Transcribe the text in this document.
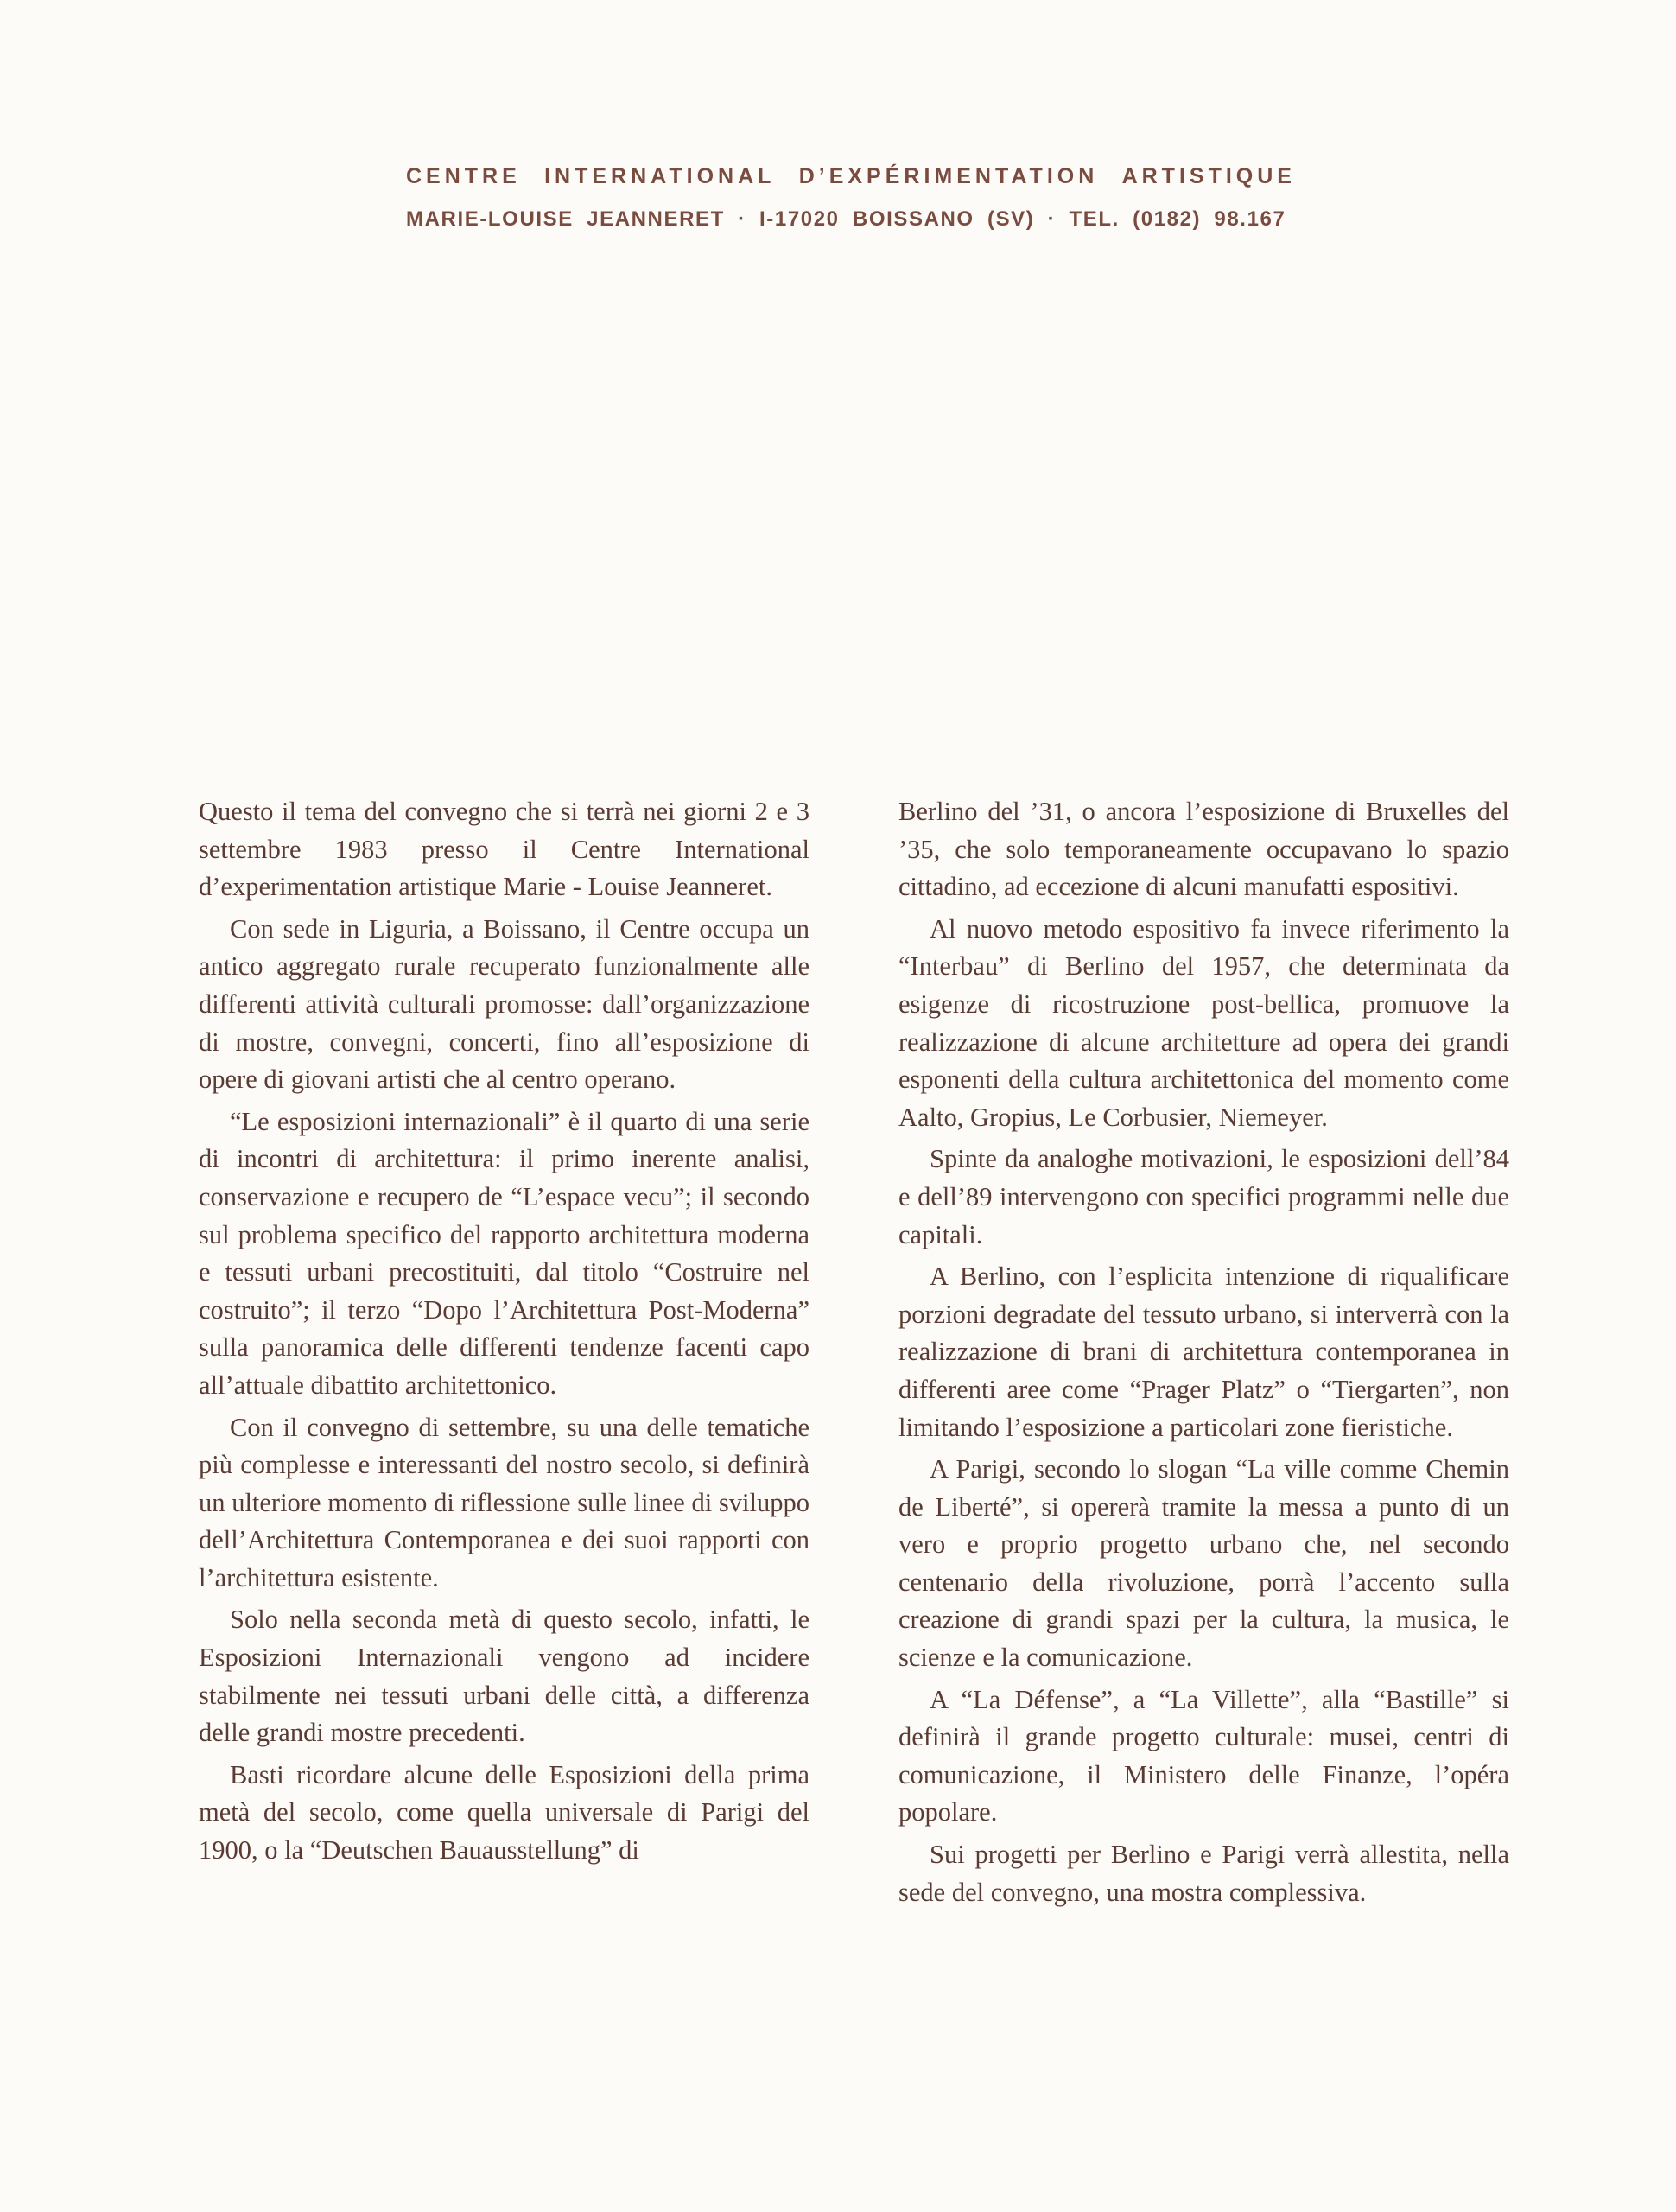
CENTRE INTERNATIONAL D’EXPÉRIMENTATION ARTISTIQUE
MARIE-LOUISE JEANNERET · I-17020 BOISSANO (SV) · TEL. (0182) 98.167

Questo il tema del convegno che si terrà nei giorni 2 e 3 settembre 1983 presso il Centre International d’experimentation artistique Marie - Louise Jeanneret.

Con sede in Liguria, a Boissano, il Centre occupa un antico aggregato rurale recuperato funzionalmente alle differenti attività culturali promosse: dall’organizzazione di mostre, convegni, concerti, fino all’esposizione di opere di giovani artisti che al centro operano.

“Le esposizioni internazionali” è il quarto di una serie di incontri di architettura: il primo inerente analisi, conservazione e recupero de “L’espace vecu”; il secondo sul problema specifico del rapporto architettura moderna e tessuti urbani precostituiti, dal titolo “Costruire nel costruito”; il terzo “Dopo l’Architettura Post-Moderna” sulla panoramica delle differenti tendenze facenti capo all’attuale dibattito architettonico.

Con il convegno di settembre, su una delle tematiche più complesse e interessanti del nostro secolo, si definirà un ulteriore momento di riflessione sulle linee di sviluppo dell’Architettura Contemporanea e dei suoi rapporti con l’architettura esistente.

Solo nella seconda metà di questo secolo, infatti, le Esposizioni Internazionali vengono ad incidere stabilmente nei tessuti urbani delle città, a differenza delle grandi mostre precedenti.

Basti ricordare alcune delle Esposizioni della prima metà del secolo, come quella universale di Parigi del 1900, o la “Deutschen Bauausstellung” di

Berlino del ’31, o ancora l’esposizione di Bruxelles del ’35, che solo temporaneamente occupavano lo spazio cittadino, ad eccezione di alcuni manufatti espositivi.

Al nuovo metodo espositivo fa invece riferimento la “Interbau” di Berlino del 1957, che determinata da esigenze di ricostruzione post-bellica, promuove la realizzazione di alcune architetture ad opera dei grandi esponenti della cultura architettonica del momento come Aalto, Gropius, Le Corbusier, Niemeyer.

Spinte da analoghe motivazioni, le esposizioni dell’84 e dell’89 intervengono con specifici programmi nelle due capitali.

A Berlino, con l’esplicita intenzione di riqualificare porzioni degradate del tessuto urbano, si interverrà con la realizzazione di brani di architettura contemporanea in differenti aree come “Prager Platz” o “Tiergarten”, non limitando l’esposizione a particolari zone fieristiche.

A Parigi, secondo lo slogan “La ville comme Chemin de Liberté”, si opererà tramite la messa a punto di un vero e proprio progetto urbano che, nel secondo centenario della rivoluzione, porrà l’accento sulla creazione di grandi spazi per la cultura, la musica, le scienze e la comunicazione.

A “La Défense”, a “La Villette”, alla “Bastille” si definirà il grande progetto culturale: musei, centri di comunicazione, il Ministero delle Finanze, l’opéra popolare.

Sui progetti per Berlino e Parigi verrà allestita, nella sede del convegno, una mostra complessiva.
